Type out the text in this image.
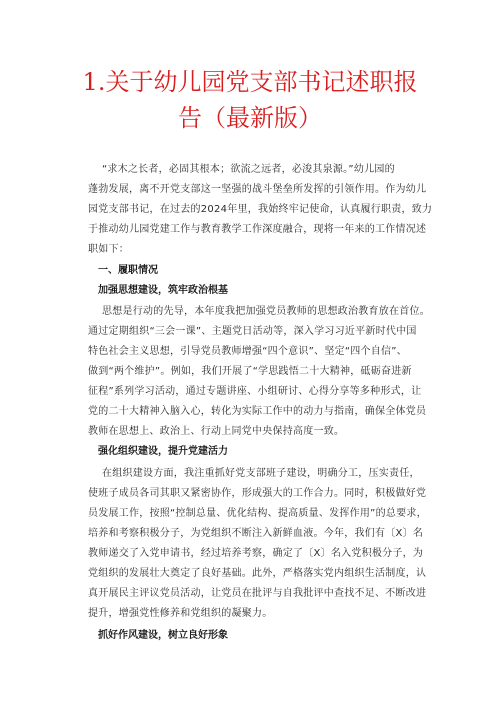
1.关于幼儿园党支部书记述职报
告（最新版）
“求木之长者，必固其根本；欲流之远者，必浚其泉源。”幼儿园的
蓬勃发展，离不开党支部这一坚强的战斗堡垒所发挥的引领作用。作为幼儿
园党支部书记，在过去的2024年里，我始终牢记使命，认真履行职责，致力
于推动幼儿园党建工作与教育教学工作深度融合，现将一年来的工作情况述
职如下：
一、履职情况
加强思想建设，筑牢政治根基
思想是行动的先导，本年度我把加强党员教师的思想政治教育放在首位。
通过定期组织“三会一课”、主题党日活动等，深入学习习近平新时代中国
特色社会主义思想，引导党员教师增强“四个意识”、坚定“四个自信”、
做到“两个维护”。例如，我们开展了“学思践悟二十大精神，砥砺奋进新
征程”系列学习活动，通过专题讲座、小组研讨、心得分享等多种形式，让
党的二十大精神入脑入心，转化为实际工作中的动力与指南，确保全体党员
教师在思想上、政治上、行动上同党中央保持高度一致。
强化组织建设，提升党建活力
在组织建设方面，我注重抓好党支部班子建设，明确分工，压实责任，
使班子成员各司其职又紧密协作，形成强大的工作合力。同时，积极做好党
员发展工作，按照“控制总量、优化结构、提高质量、发挥作用”的总要求，
培养和考察积极分子，为党组织不断注入新鲜血液。今年，我们有〔X〕名
教师递交了入党申请书，经过培养考察，确定了〔X〕名入党积极分子，为
党组织的发展壮大奠定了良好基础。此外，严格落实党内组织生活制度，认
真开展民主评议党员活动，让党员在批评与自我批评中查找不足、不断改进
提升，增强党性修养和党组织的凝聚力。
抓好作风建设，树立良好形象
